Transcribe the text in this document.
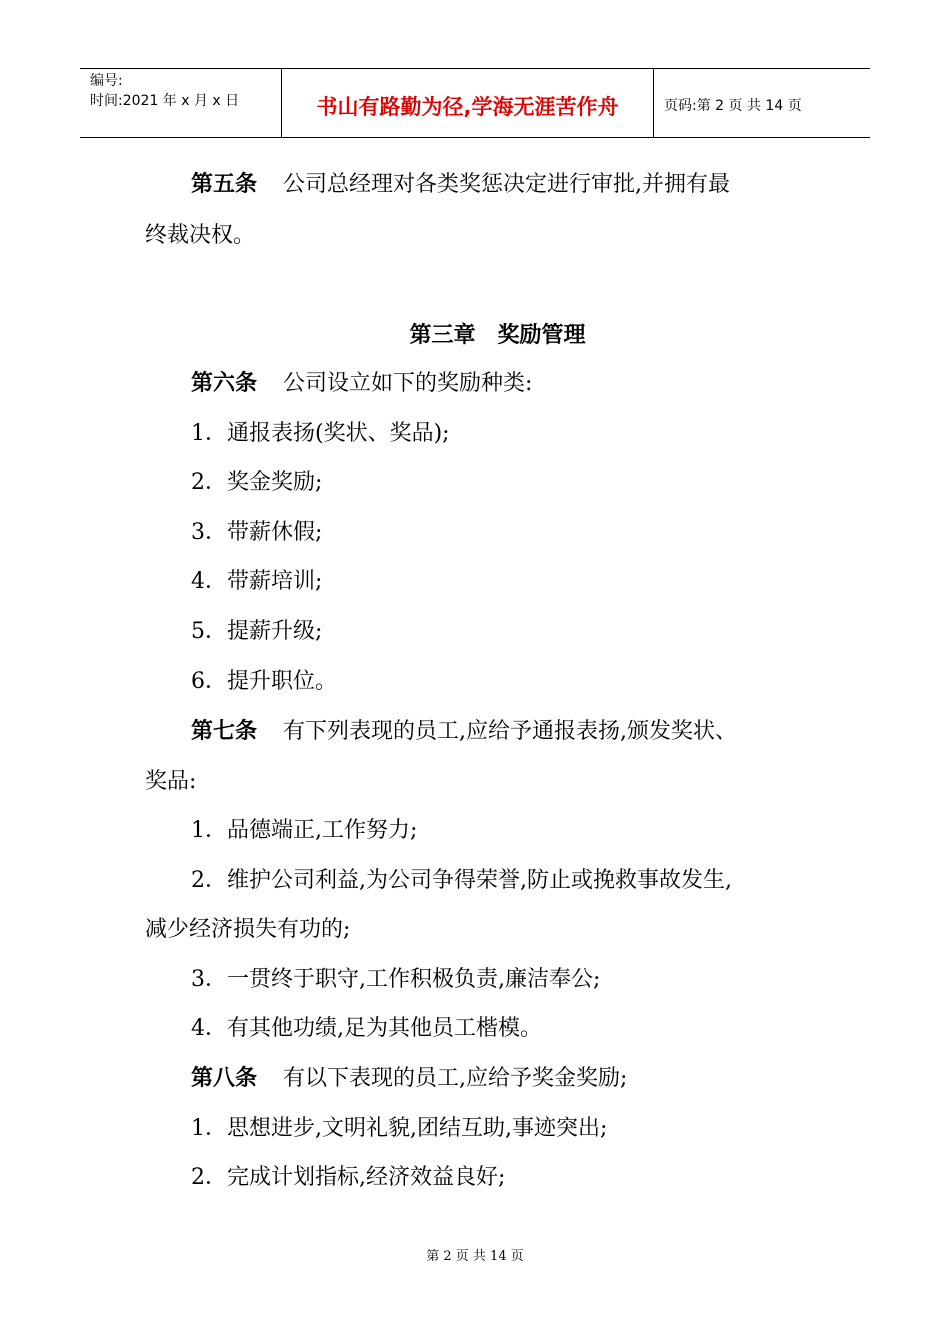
编号:
时间:2021 年 x 月 x 日	书山有路勤为径,学海无涯苦作舟	页码:第 2 页 共 14 页
第五条 公司总经理对各类奖惩决定进行审批,并拥有最
终裁决权。
第三章　奖励管理
第六条 公司设立如下的奖励种类:
1．通报表扬(奖状、奖品);
2．奖金奖励;
3．带薪休假;
4．带薪培训;
5．提薪升级;
6．提升职位。
第七条 有下列表现的员工,应给予通报表扬,颁发奖状、
奖品:
1．品德端正,工作努力;
2．维护公司利益,为公司争得荣誉,防止或挽救事故发生,
减少经济损失有功的;
3．一贯终于职守,工作积极负责,廉洁奉公;
4．有其他功绩,足为其他员工楷模。
第八条 有以下表现的员工,应给予奖金奖励;
1．思想进步,文明礼貌,团结互助,事迹突出;
2．完成计划指标,经济效益良好;
第 2 页 共 14 页
